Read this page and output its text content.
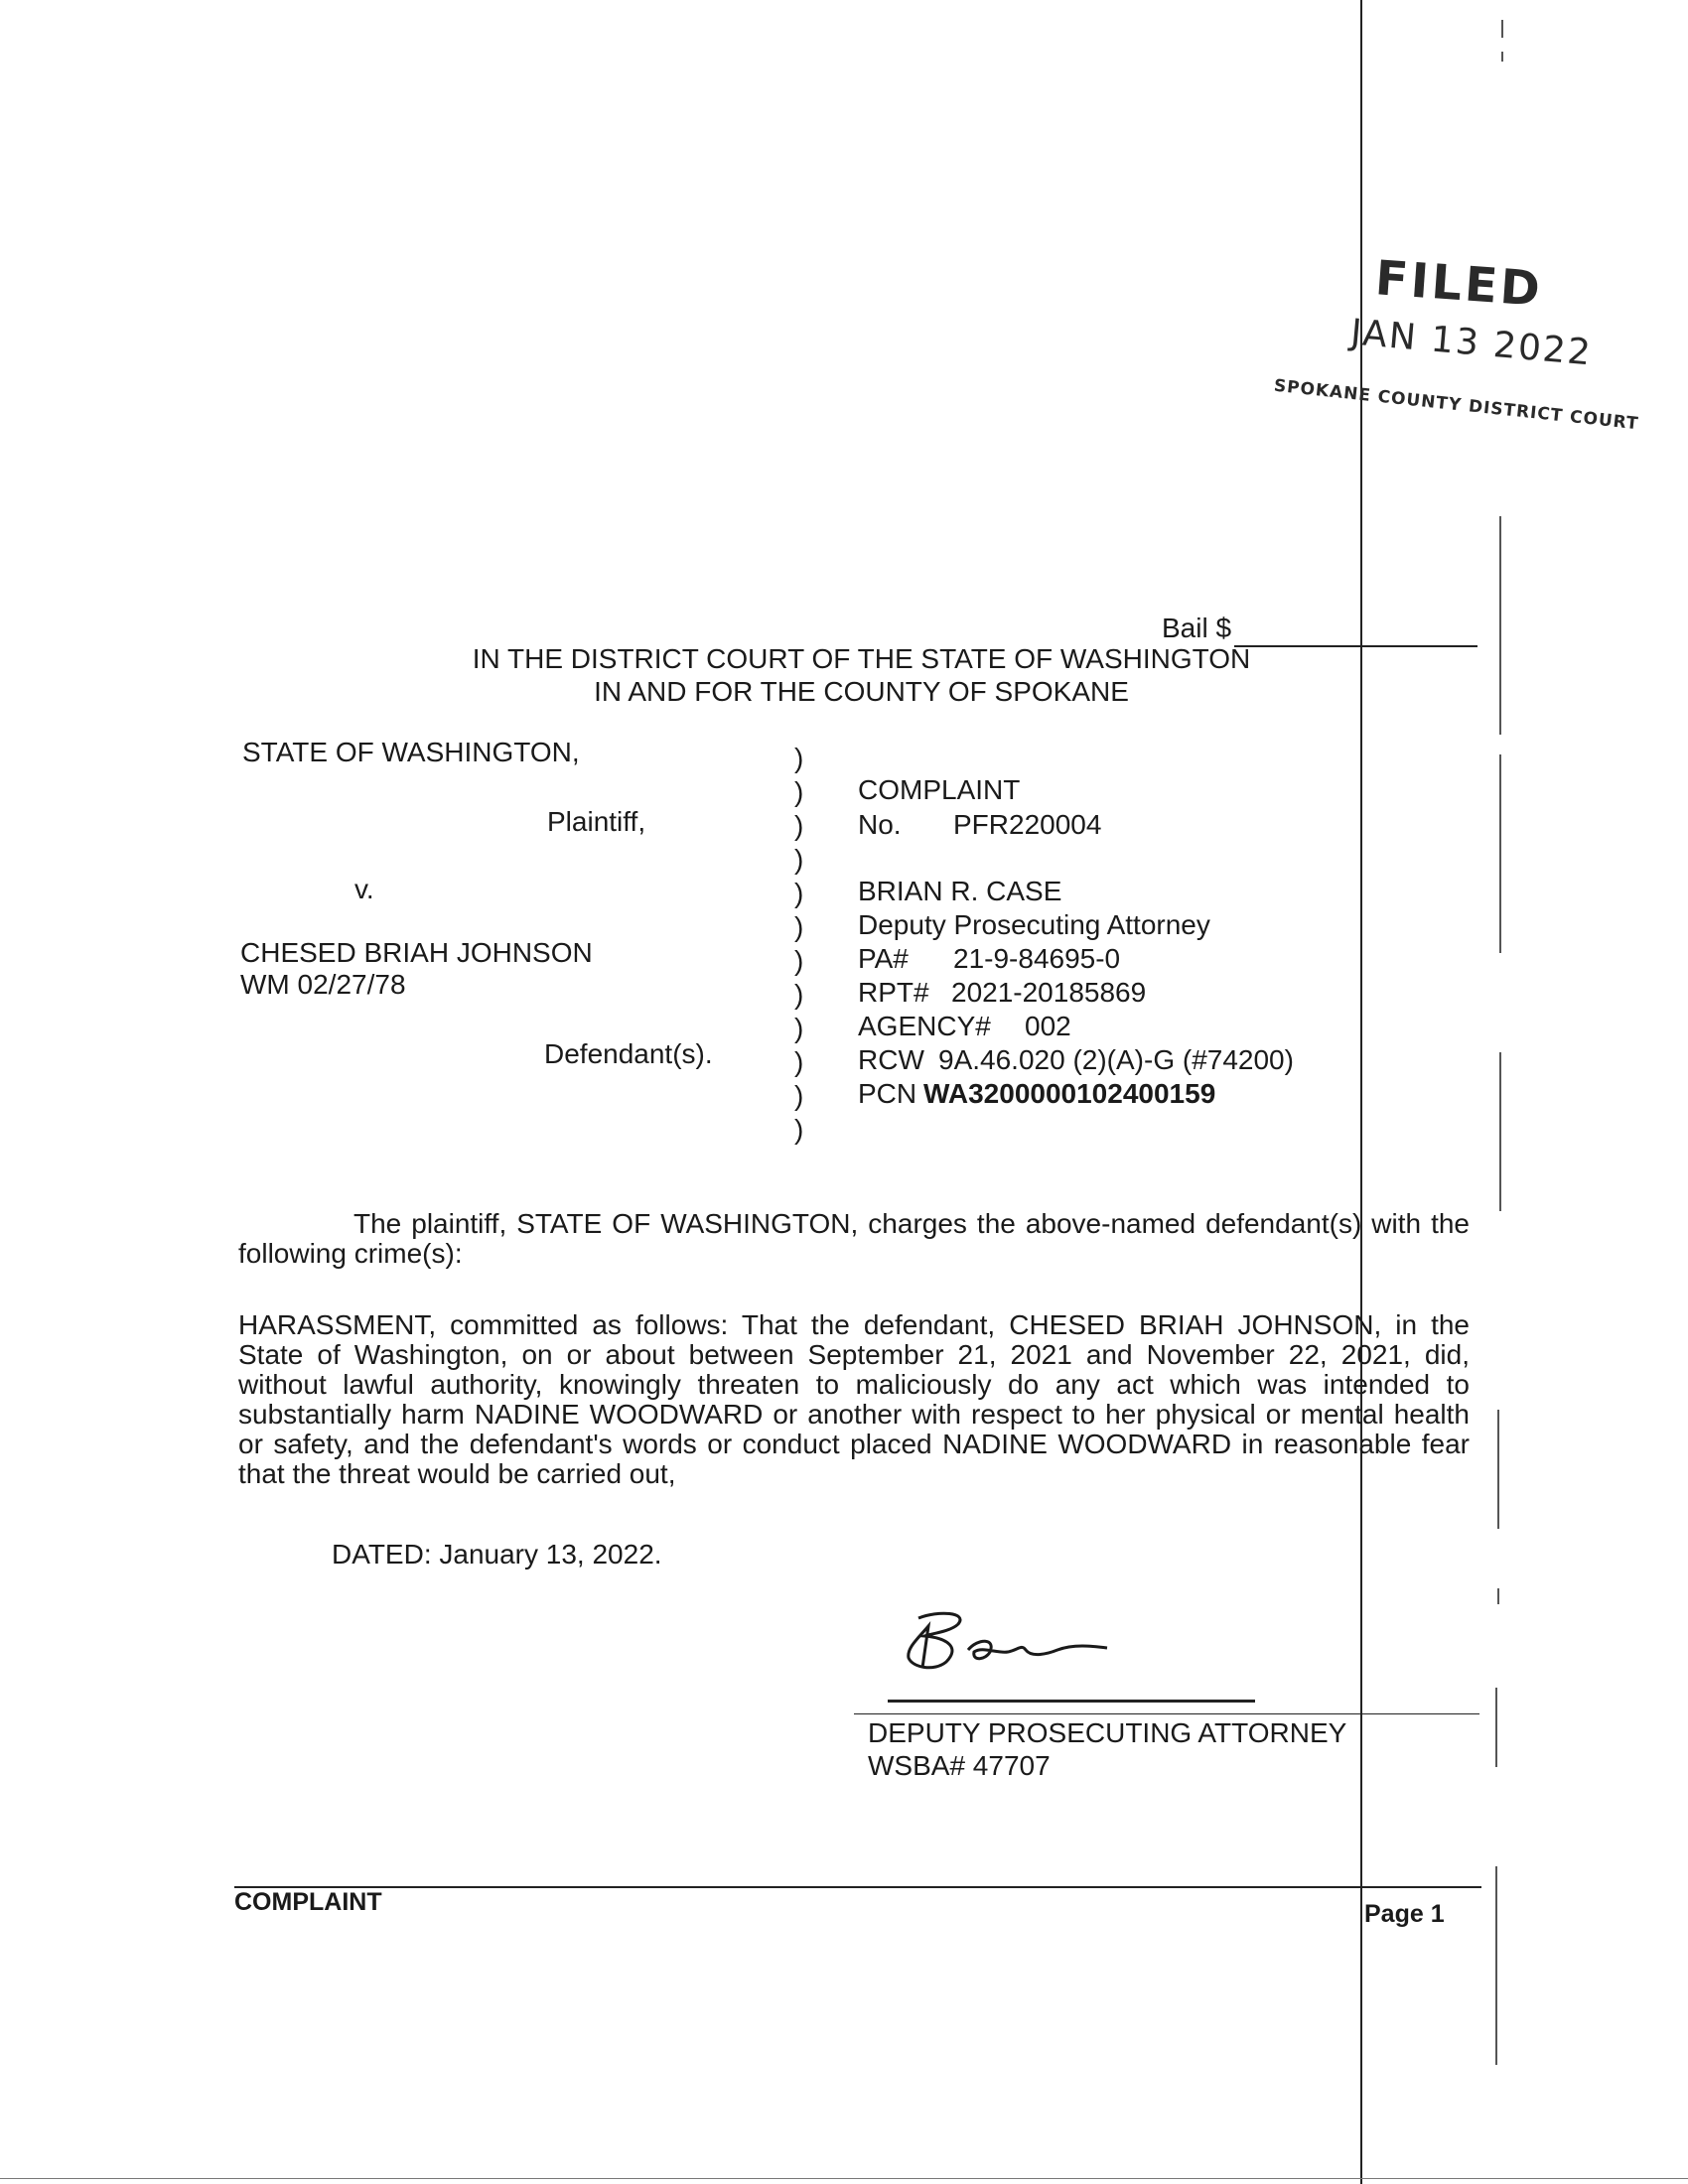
FILED
JAN 13 2022
SPOKANE COUNTY DISTRICT COURT
Bail $
IN THE DISTRICT COURT OF THE STATE OF WASHINGTON
IN AND FOR THE COUNTY OF SPOKANE
STATE OF WASHINGTON,
Plaintiff,
v.
CHESED BRIAH JOHNSON
WM 02/27/78
Defendant(s).
)
)
)
)
)
)
)
)
)
)
)
)
COMPLAINT
No. PFR220004
BRIAN R. CASE
Deputy Prosecuting Attorney
PA# 21-9-84695-0
RPT# 2021-20185869
AGENCY# 002
RCW 9A.46.020 (2)(A)-G (#74200)
PCN WA3200000102400159
The plaintiff, STATE OF WASHINGTON, charges the above-named defendant(s) with the following crime(s):
HARASSMENT, committed as follows: That the defendant, CHESED BRIAH JOHNSON, in the State of Washington, on or about between September 21, 2021 and November 22, 2021, did, without lawful authority, knowingly threaten to maliciously do any act which was intended to substantially harm NADINE WOODWARD or another with respect to her physical or mental health or safety, and the defendant's words or conduct placed NADINE WOODWARD in reasonable fear that the threat would be carried out,
DATED: January 13, 2022.
DEPUTY PROSECUTING ATTORNEY
WSBA# 47707
COMPLAINT	Page 1
